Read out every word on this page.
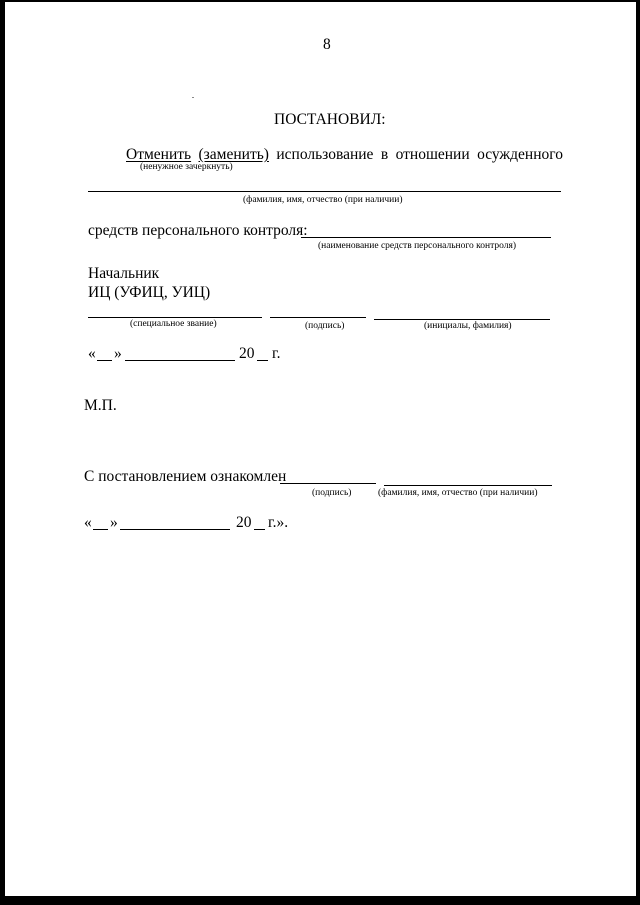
8
ПОСТАНОВИЛ:
Отменить (заменить) использование в отношении осужденного
(ненужное зачеркнуть)
(фамилия, имя, отчество (при наличии)
средств персонального контроля:
(наименование средств персонального контроля)
Начальник
ИЦ (УФИЦ, УИЦ)
(специальное звание)	(подпись)	(инициалы, фамилия)
« »	20 г.
М.П.
С постановлением ознакомлен
(подпись)	(фамилия, имя, отчество (при наличии)
« »	20 г.».
